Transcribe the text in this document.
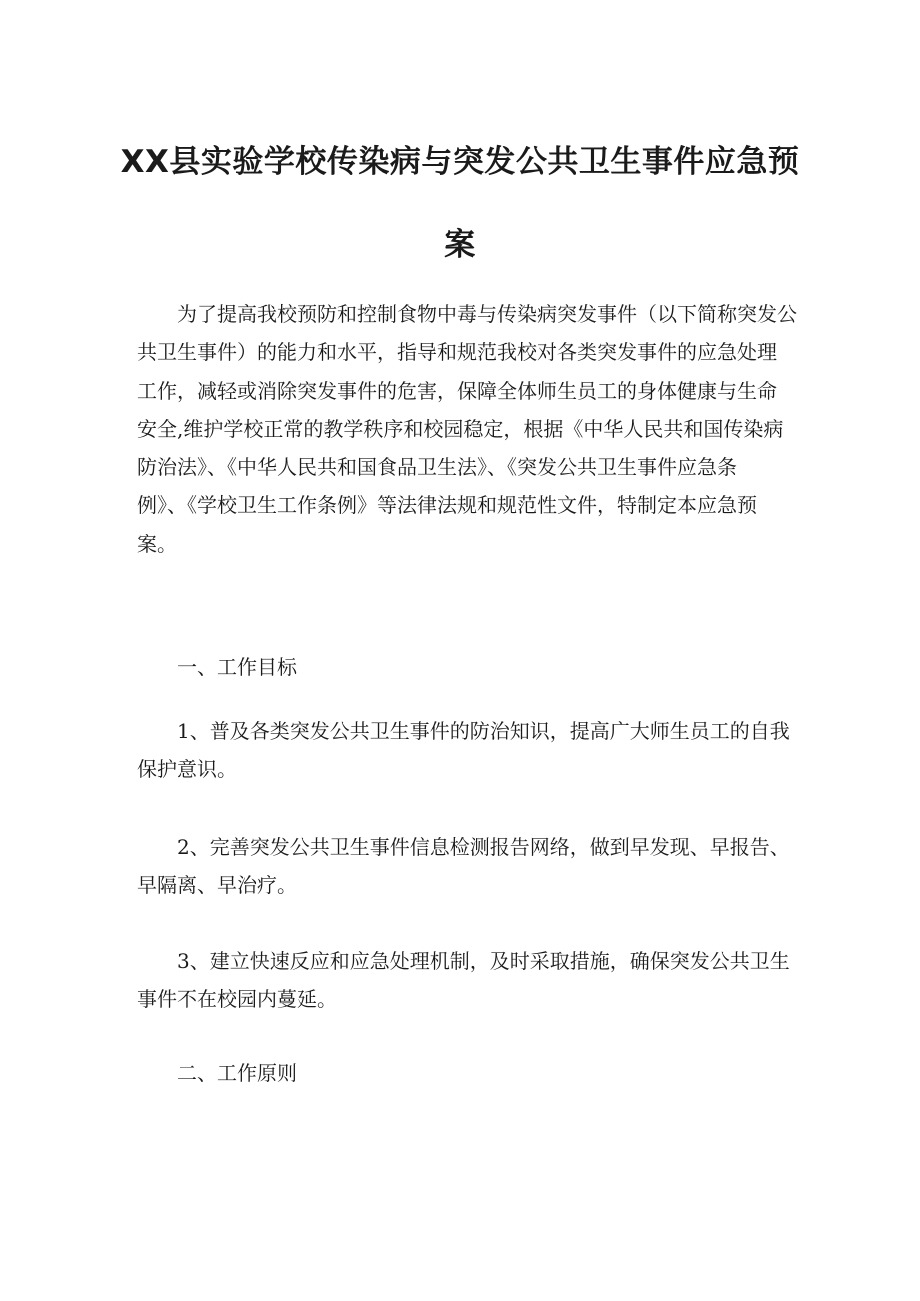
XX县实验学校传染病与突发公共卫生事件应急预
案
为了提高我校预防和控制食物中毒与传染病突发事件（以下简称突发公
共卫生事件）的能力和水平，指导和规范我校对各类突发事件的应急处理
工作，减轻或消除突发事件的危害，保障全体师生员工的身体健康与生命
安全,维护学校正常的教学秩序和校园稳定，根据《中华人民共和国传染病
防治法》、《中华人民共和国食品卫生法》、《突发公共卫生事件应急条
例》、《学校卫生工作条例》等法律法规和规范性文件，特制定本应急预
案。
一、工作目标
1、普及各类突发公共卫生事件的防治知识，提高广大师生员工的自我
保护意识。
2、完善突发公共卫生事件信息检测报告网络，做到早发现、早报告、
早隔离、早治疗。
3、建立快速反应和应急处理机制，及时采取措施，确保突发公共卫生
事件不在校园内蔓延。
二、工作原则
